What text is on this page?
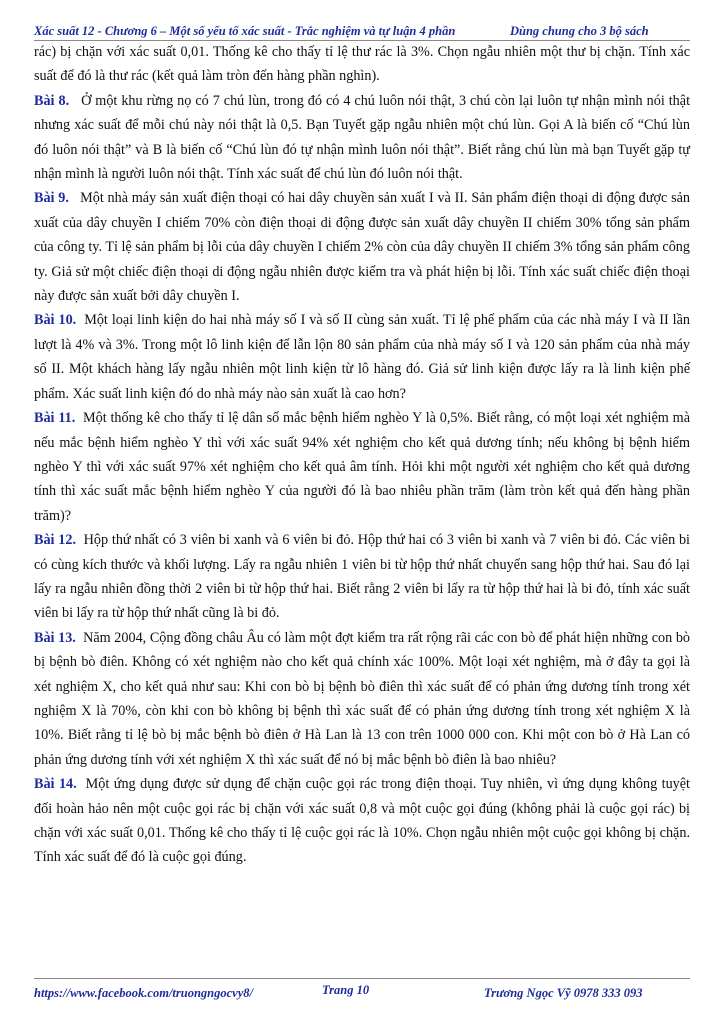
Xác suất 12 - Chương 6 – Một số yếu tố xác suất - Trắc nghiệm và tự luận 4 phần	Dùng chung cho 3 bộ sách

rác) bị chặn với xác suất 0,01. Thống kê cho thấy tỉ lệ thư rác là 3%. Chọn ngẫu nhiên một thư bị chặn. Tính xác suất để đó là thư rác (kết quả làm tròn đến hàng phần nghìn).

Bài 8. Ở một khu rừng nọ có 7 chú lùn, trong đó có 4 chú luôn nói thật, 3 chú còn lại luôn tự nhận mình nói thật nhưng xác suất để mỗi chú này nói thật là 0,5. Bạn Tuyết gặp ngẫu nhiên một chú lùn. Gọi A là biến cố “Chú lùn đó luôn nói thật” và B là biến cố “Chú lùn đó tự nhận mình luôn nói thật”. Biết rằng chú lùn mà bạn Tuyết gặp tự nhận mình là người luôn nói thật. Tính xác suất để chú lùn đó luôn nói thật.

Bài 9. Một nhà máy sản xuất điện thoại có hai dây chuyền sản xuất I và II. Sản phẩm điện thoại di động được sản xuất của dây chuyền I chiếm 70% còn điện thoại di động được sản xuất dây chuyền II chiếm 30% tổng sản phẩm của công ty. Tỉ lệ sản phẩm bị lỗi của dây chuyền I chiếm 2% còn của dây chuyền II chiếm 3% tổng sản phẩm công ty. Giả sử một chiếc điện thoại di động ngẫu nhiên được kiểm tra và phát hiện bị lỗi. Tính xác suất chiếc điện thoại này được sản xuất bởi dây chuyền I.

Bài 10. Một loại linh kiện do hai nhà máy số I và số II cùng sản xuất. Tỉ lệ phế phẩm của các nhà máy I và II lần lượt là 4% và 3%. Trong một lô linh kiện để lẫn lộn 80 sản phẩm của nhà máy số I và 120 sản phẩm của nhà máy số II. Một khách hàng lấy ngẫu nhiên một linh kiện từ lô hàng đó. Giả sử linh kiện được lấy ra là linh kiện phế phẩm. Xác suất linh kiện đó do nhà máy nào sản xuất là cao hơn?

Bài 11. Một thống kê cho thấy tỉ lệ dân số mắc bệnh hiểm nghèo Y là 0,5%. Biết rằng, có một loại xét nghiệm mà nếu mắc bệnh hiểm nghèo Y thì với xác suất 94% xét nghiệm cho kết quả dương tính; nếu không bị bệnh hiểm nghèo Y thì với xác suất 97% xét nghiệm cho kết quả âm tính. Hỏi khi một người xét nghiệm cho kết quả dương tính thì xác suất mắc bệnh hiểm nghèo Y của người đó là bao nhiêu phần trăm (làm tròn kết quả đến hàng phần trăm)?

Bài 12. Hộp thứ nhất có 3 viên bi xanh và 6 viên bi đỏ. Hộp thứ hai có 3 viên bi xanh và 7 viên bi đỏ. Các viên bi có cùng kích thước và khối lượng. Lấy ra ngẫu nhiên 1 viên bi từ hộp thứ nhất chuyển sang hộp thứ hai. Sau đó lại lấy ra ngẫu nhiên đồng thời 2 viên bi từ hộp thứ hai. Biết rằng 2 viên bi lấy ra từ hộp thứ hai là bi đỏ, tính xác suất viên bi lấy ra từ hộp thứ nhất cũng là bi đỏ.

Bài 13. Năm 2004, Cộng đồng châu Âu có làm một đợt kiểm tra rất rộng rãi các con bò để phát hiện những con bò bị bệnh bò điên. Không có xét nghiệm nào cho kết quả chính xác 100%. Một loại xét nghiệm, mà ở đây ta gọi là xét nghiệm X, cho kết quả như sau: Khi con bò bị bệnh bò điên thì xác suất để có phản ứng dương tính trong xét nghiệm X là 70%, còn khi con bò không bị bệnh thì xác suất để có phản ứng dương tính trong xét nghiệm X là 10%. Biết rằng tỉ lệ bò bị mắc bệnh bò điên ở Hà Lan là 13 con trên 1000 000 con. Khi một con bò ở Hà Lan có phản ứng dương tính với xét nghiệm X thì xác suất để nó bị mắc bệnh bò điên là bao nhiêu?

Bài 14. Một ứng dụng được sử dụng để chặn cuộc gọi rác trong điện thoại. Tuy nhiên, vì ứng dụng không tuyệt đối hoàn hảo nên một cuộc gọi rác bị chặn với xác suất 0,8 và một cuộc gọi đúng (không phải là cuộc gọi rác) bị chặn với xác suất 0,01. Thống kê cho thấy tỉ lệ cuộc gọi rác là 10%. Chọn ngẫu nhiên một cuộc gọi không bị chặn. Tính xác suất để đó là cuộc gọi đúng.

https://www.facebook.com/truongngocvy8/	Trang 10	Trương Ngọc Vỹ 0978 333 093
